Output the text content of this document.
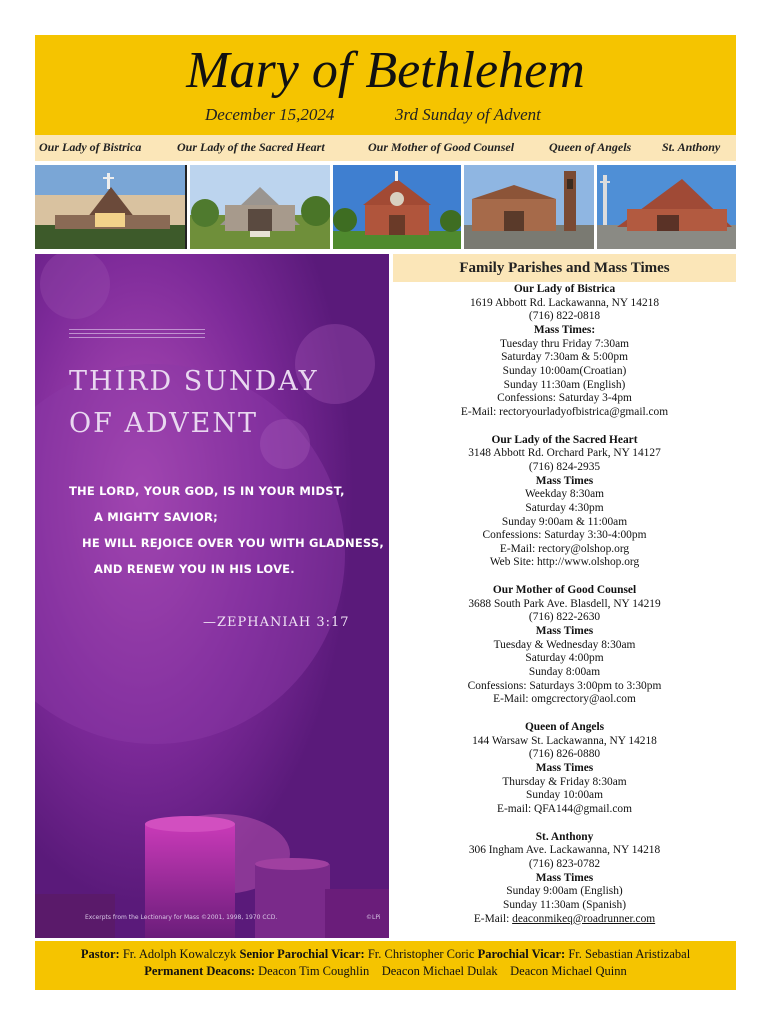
Mary of Bethlehem
December 15,2024	3rd Sunday of Advent
Our Lady of Bistrica	Our Lady of the Sacred Heart	Our Mother of Good Counsel	Queen of Angels	St. Anthony
THIRD SUNDAY
OF ADVENT
THE LORD, YOUR GOD, IS IN YOUR MIDST,
A MIGHTY SAVIOR;
HE WILL REJOICE OVER YOU WITH GLADNESS,
AND RENEW YOU IN HIS LOVE.
—ZEPHANIAH 3:17
Excerpts from the Lectionary for Mass ©2001, 1998, 1970 CCD.	©LPi
Family Parishes and Mass Times
Our Lady of Bistrica
1619 Abbott Rd. Lackawanna, NY 14218
(716) 822-0818
Mass Times:
Tuesday thru Friday 7:30am
Saturday 7:30am & 5:00pm
Sunday 10:00am(Croatian)
Sunday 11:30am (English)
Confessions: Saturday 3-4pm
E-Mail: rectoryourladyofbistrica@gmail.com
Our Lady of the Sacred Heart
3148 Abbott Rd. Orchard Park, NY 14127
(716) 824-2935
Mass Times
Weekday 8:30am
Saturday 4:30pm
Sunday 9:00am & 11:00am
Confessions: Saturday 3:30-4:00pm
E-Mail: rectory@olshop.org
Web Site: http://www.olshop.org
Our Mother of Good Counsel
3688 South Park Ave. Blasdell, NY 14219
(716) 822-2630
Mass Times
Tuesday & Wednesday 8:30am
Saturday 4:00pm
Sunday 8:00am
Confessions: Saturdays 3:00pm to 3:30pm
E-Mail: omgcrectory@aol.com
Queen of Angels
144 Warsaw St. Lackawanna, NY 14218
(716) 826-0880
Mass Times
Thursday & Friday 8:30am
Sunday 10:00am
E-mail: QFA144@gmail.com
St. Anthony
306 Ingham Ave. Lackawanna, NY 14218
(716) 823-0782
Mass Times
Sunday 9:00am (English)
Sunday 11:30am (Spanish)
E-Mail: deaconmikeq@roadrunner.com
Pastor: Fr. Adolph Kowalczyk Senior Parochial Vicar: Fr. Christopher Coric Parochial Vicar: Fr. Sebastian Aristizabal
Permanent Deacons: Deacon Tim Coughlin    Deacon Michael Dulak    Deacon Michael Quinn
